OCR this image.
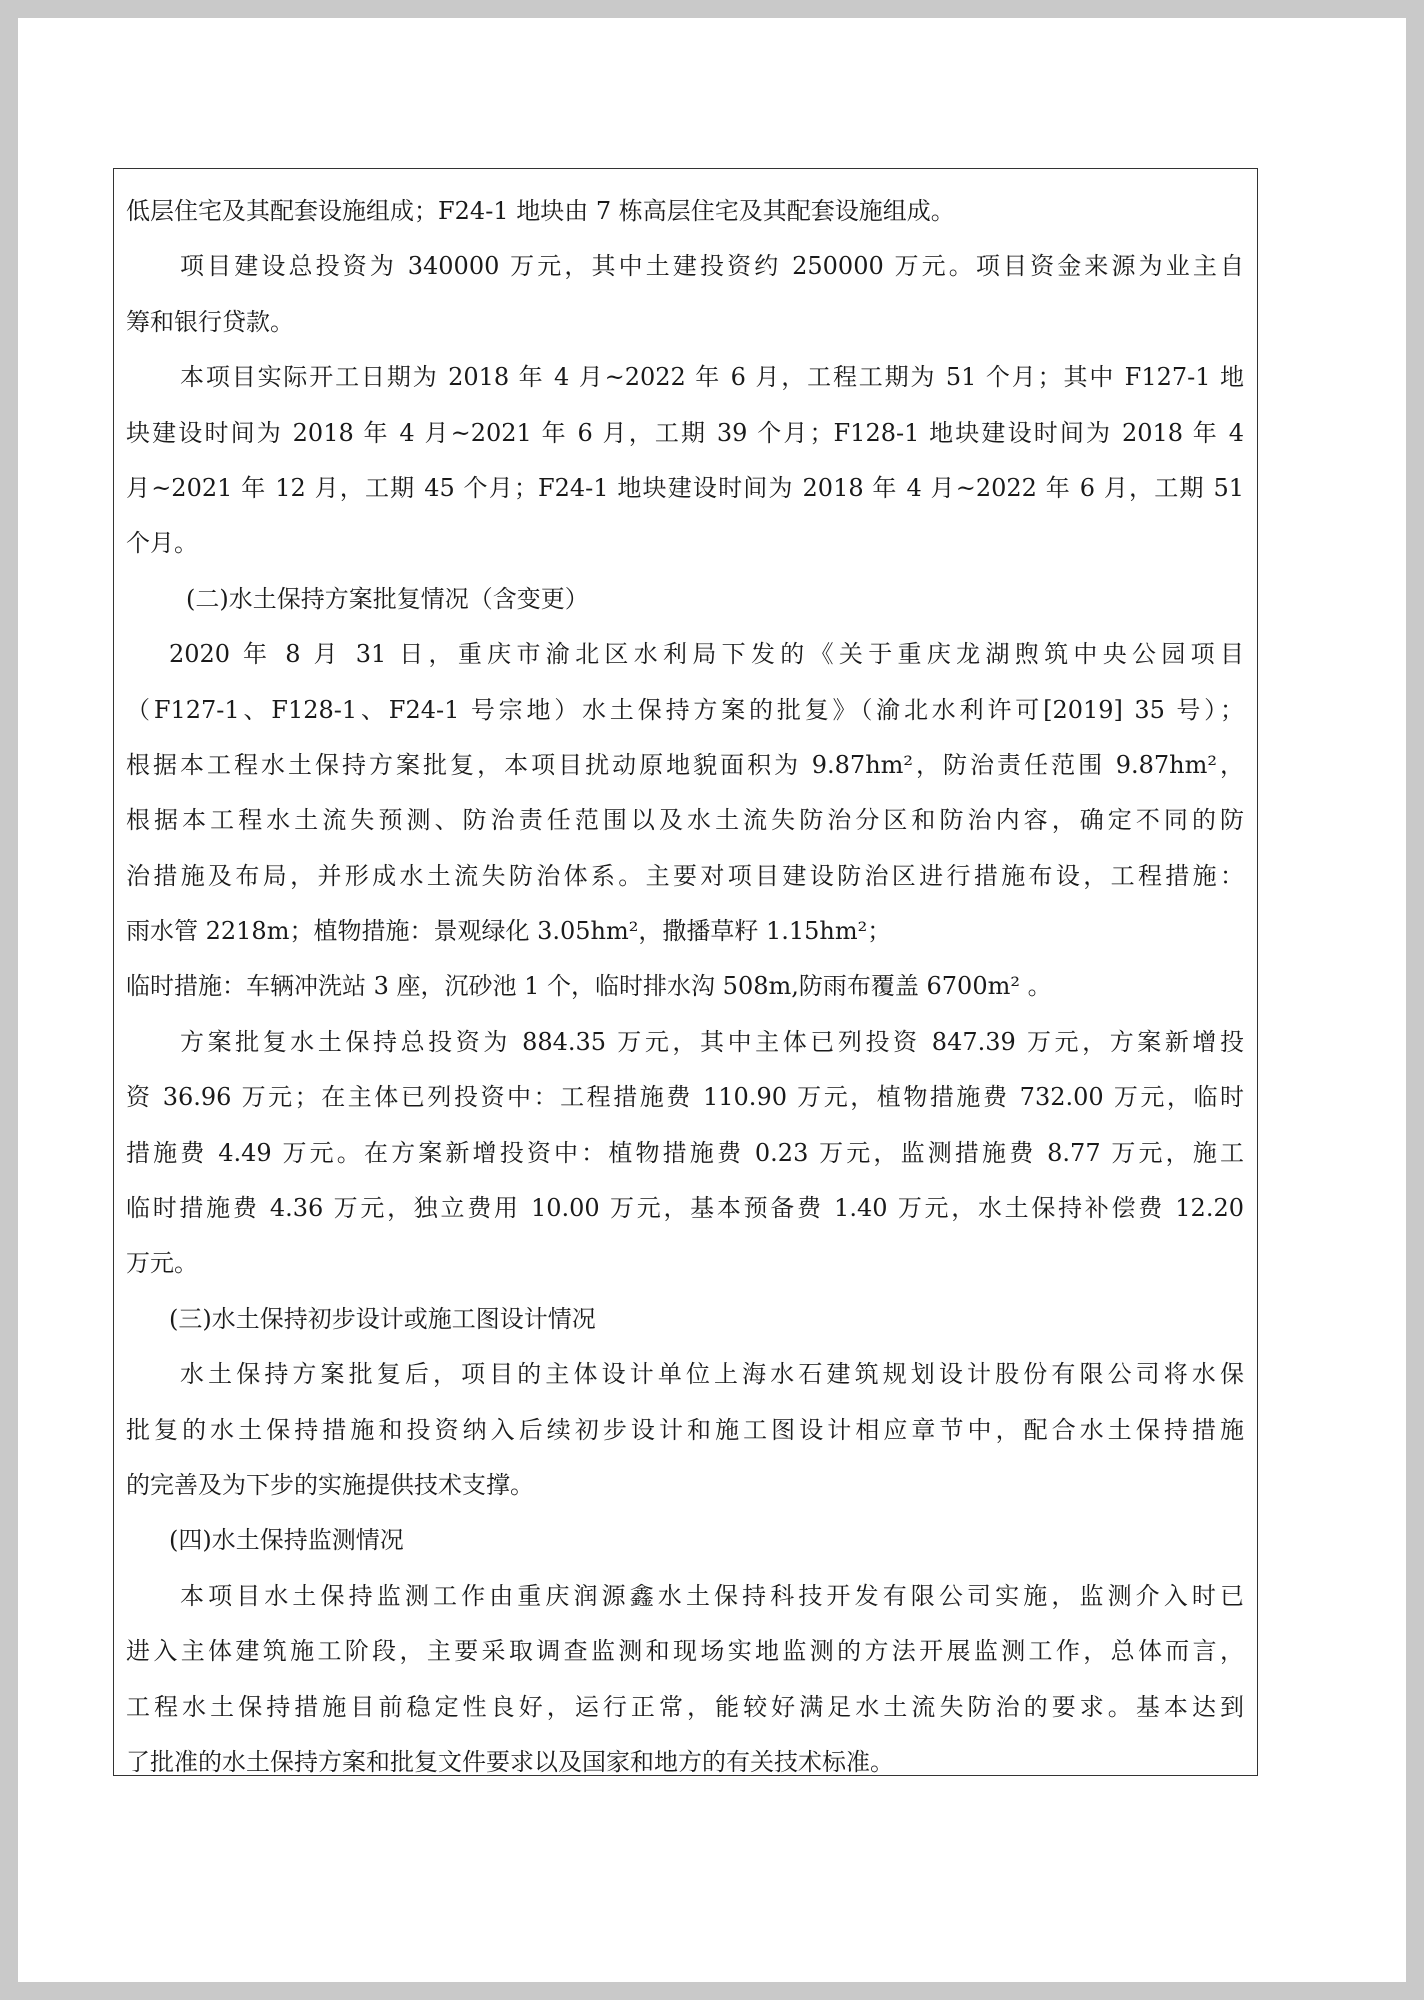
低层住宅及其配套设施组成；F24-1 地块由 7 栋高层住宅及其配套设施组成。
项目建设总投资为 340000 万元，其中土建投资约 250000 万元。项目资金来源为业主自
筹和银行贷款。
本项目实际开工日期为 2018 年 4 月~2022 年 6 月，工程工期为 51 个月；其中 F127-1 地
块建设时间为 2018 年 4 月~2021 年 6 月，工期 39 个月；F128-1 地块建设时间为 2018 年 4
月~2021 年 12 月，工期 45 个月；F24-1 地块建设时间为 2018 年 4 月~2022 年 6 月，工期 51
个月。
(二)水土保持方案批复情况（含变更）
2020 年 8 月 31 日，重庆市渝北区水利局下发的《关于重庆龙湖煦筑中央公园项目
（F127-1、F128-1、F24-1 号宗地）水土保持方案的批复》（渝北水利许可[2019] 35 号）；
根据本工程水土保持方案批复，本项目扰动原地貌面积为 9.87hm²，防治责任范围 9.87hm²，
根据本工程水土流失预测、防治责任范围以及水土流失防治分区和防治内容，确定不同的防
治措施及布局，并形成水土流失防治体系。主要对项目建设防治区进行措施布设，工程措施：
雨水管 2218m；植物措施：景观绿化 3.05hm²，撒播草籽 1.15hm²；
临时措施：车辆冲洗站 3 座，沉砂池 1 个，临时排水沟 508m,防雨布覆盖 6700m² 。
方案批复水土保持总投资为 884.35 万元，其中主体已列投资 847.39 万元，方案新增投
资 36.96 万元；在主体已列投资中：工程措施费 110.90 万元，植物措施费 732.00 万元，临时
措施费 4.49 万元。在方案新增投资中：植物措施费 0.23 万元，监测措施费 8.77 万元，施工
临时措施费 4.36 万元，独立费用 10.00 万元，基本预备费 1.40 万元，水土保持补偿费 12.20
万元。
(三)水土保持初步设计或施工图设计情况
水土保持方案批复后，项目的主体设计单位上海水石建筑规划设计股份有限公司将水保
批复的水土保持措施和投资纳入后续初步设计和施工图设计相应章节中，配合水土保持措施
的完善及为下步的实施提供技术支撑。
(四)水土保持监测情况
本项目水土保持监测工作由重庆润源鑫水土保持科技开发有限公司实施，监测介入时已
进入主体建筑施工阶段，主要采取调查监测和现场实地监测的方法开展监测工作，总体而言，
工程水土保持措施目前稳定性良好，运行正常，能较好满足水土流失防治的要求。基本达到
了批准的水土保持方案和批复文件要求以及国家和地方的有关技术标准。
